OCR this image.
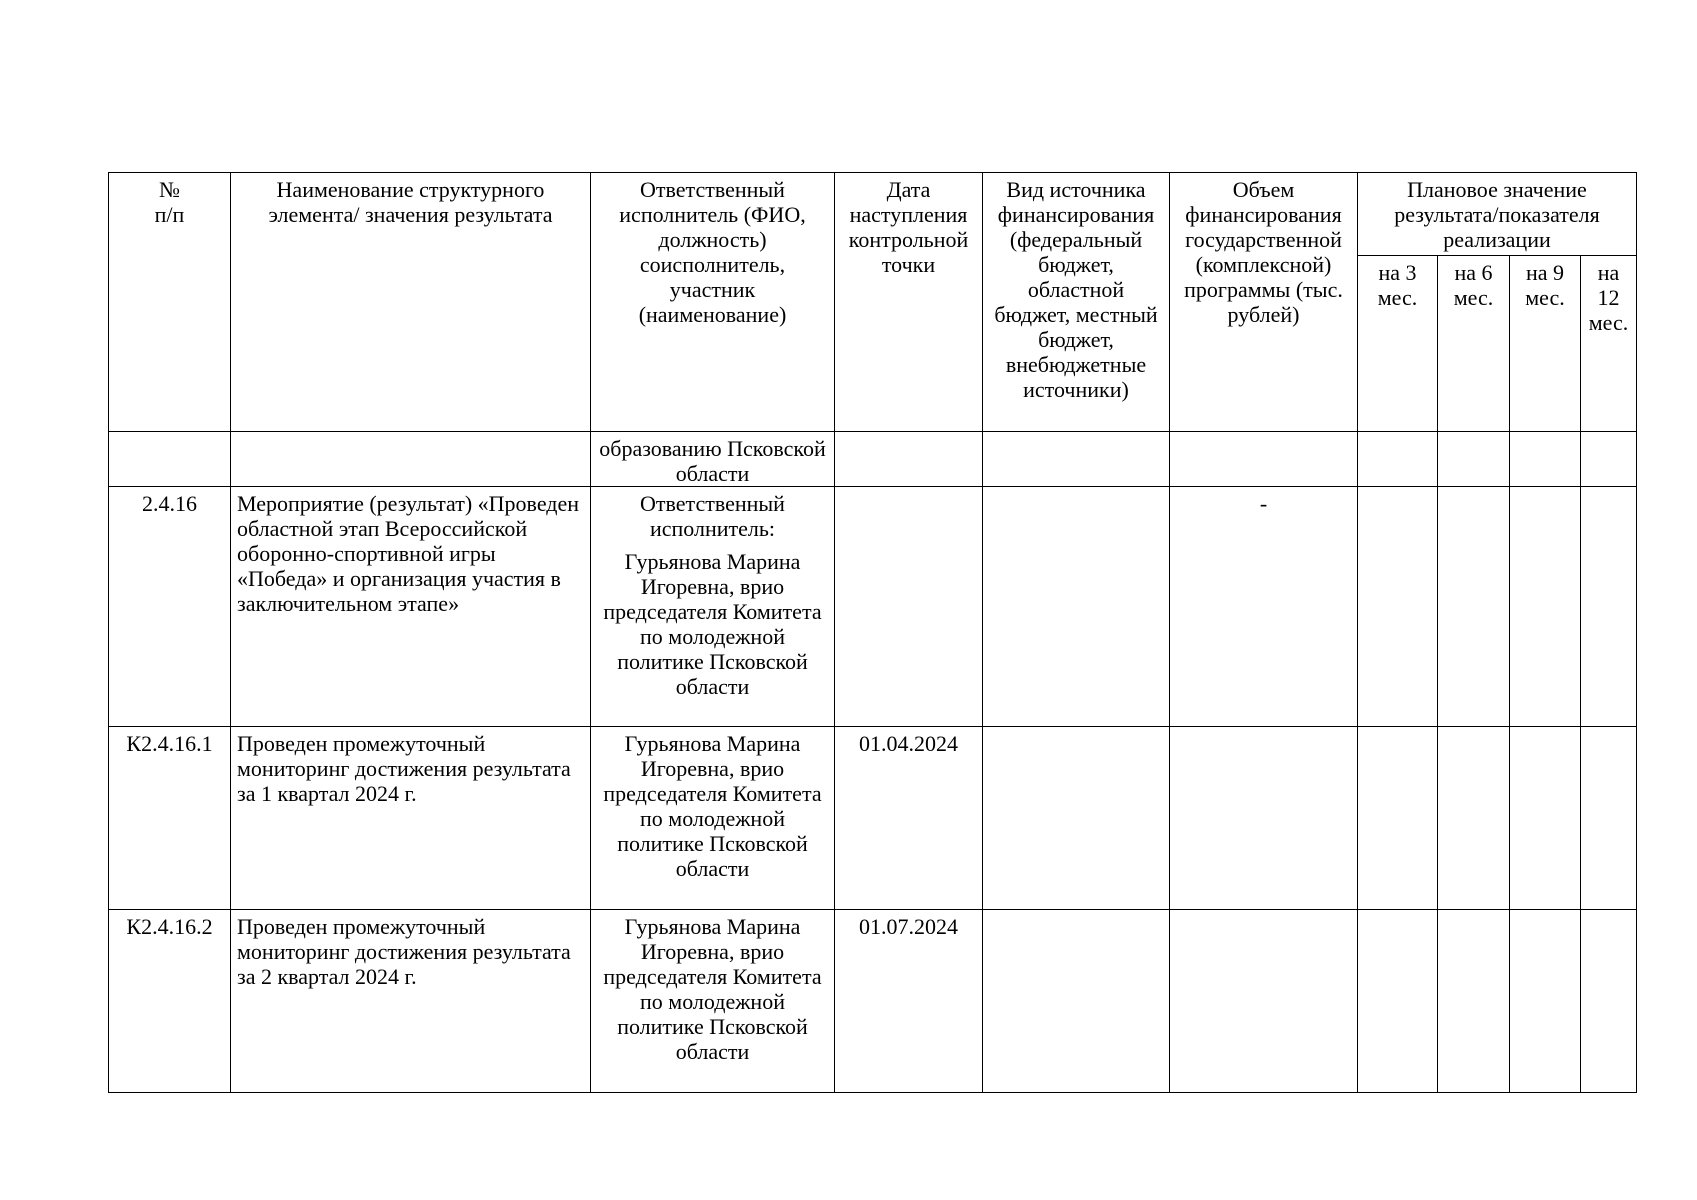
№
п/п	Наименование структурного элемента/ значения результата	Ответственный исполнитель (ФИО, должность) соисполнитель, участник (наименование)	Дата наступления контрольной точки	Вид источника финансирования (федеральный бюджет, областной бюджет, местный бюджет, внебюджетные источники)	Объем финансирования государственной (комплексной) программы (тыс. рублей)	Плановое значение результата/показателя реализации			
						на 3 мес.	на 6 мес.	на 9 мес.	на 12 мес.

		образованию Псковской области							

2.4.16	Мероприятие (результат) «Проведен областной этап Всероссийской оборонно-спортивной игры «Победа» и организация участия в заключительном этапе»	Ответственный исполнитель:
Гурьянова Марина Игоревна, врио председателя Комитета по молодежной политике Псковской области			-				
К2.4.16.1	Проведен промежуточный мониторинг достижения результата за 1 квартал 2024 г.	Гурьянова Марина Игоревна, врио председателя Комитета по молодежной политике Псковской области	01.04.2024						
К2.4.16.2	Проведен промежуточный мониторинг достижения результата за 2 квартал 2024 г.	Гурьянова Марина Игоревна, врио председателя Комитета по молодежной политике Псковской области	01.07.2024						
